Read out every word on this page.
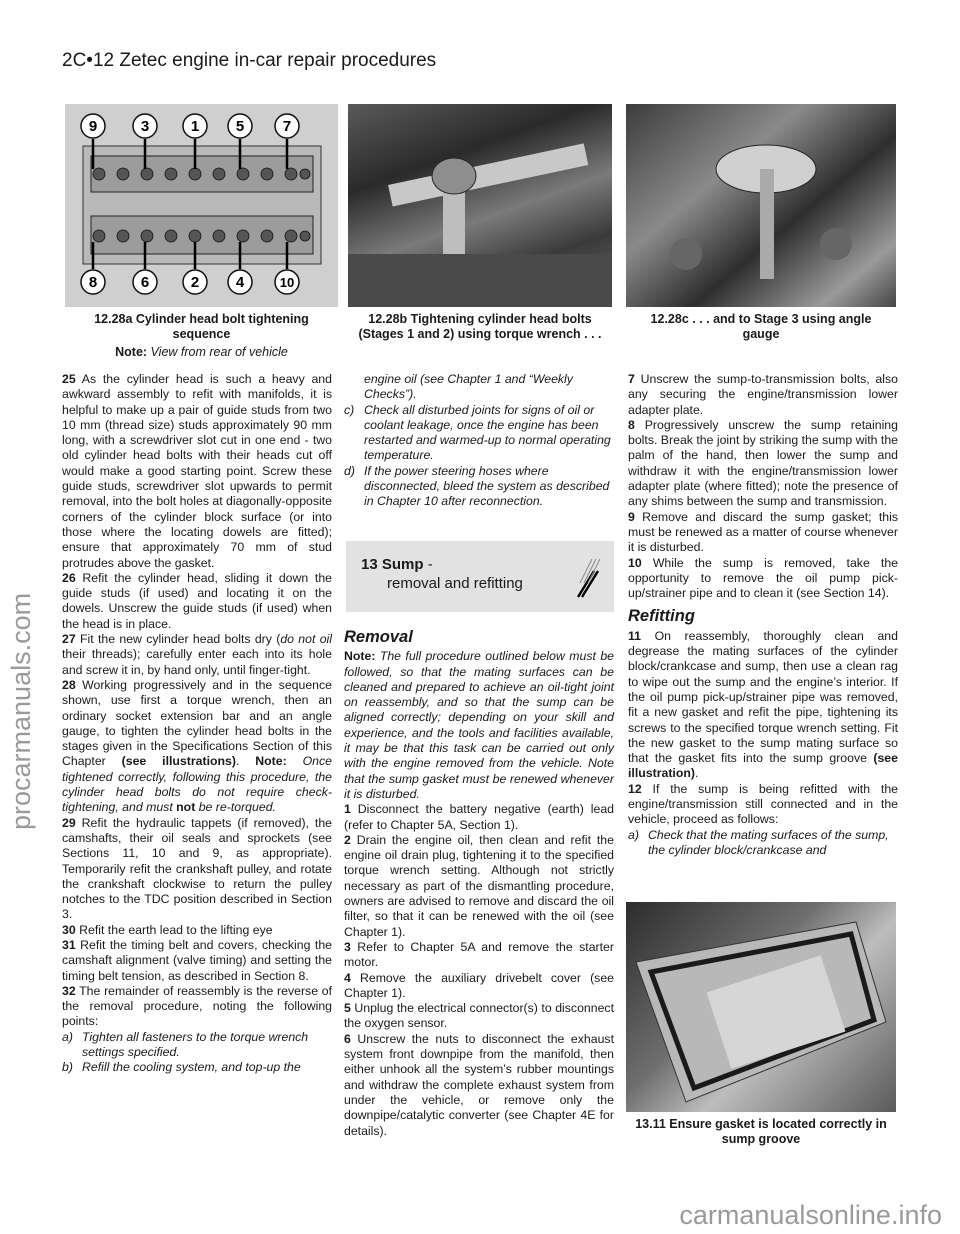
2C•12 Zetec engine in-car repair procedures
9	3	1 5	7
8	6	2 4	10
12.28a Cylinder head bolt tightening
sequence
Note: View from rear of vehicle
12.28b Tightening cylinder head bolts
(Stages 1 and 2) using torque wrench . . .
12.28c . . . and to Stage 3 using angle
gauge

25 As the cylinder head is such a heavy and awkward assembly to refit with manifolds, it is helpful to make up a pair of guide studs from two 10 mm (thread size) studs approximately 90 mm long, with a screwdriver slot cut in one end - two old cylinder head bolts with their heads cut off would make a good starting point. Screw these guide studs, screwdriver slot upwards to permit removal, into the bolt holes at diagonally-opposite corners of the cylinder block surface (or into those where the locating dowels are fitted); ensure that approximately 70 mm of stud protrudes above the gasket.

26 Refit the cylinder head, sliding it down the guide studs (if used) and locating it on the dowels. Unscrew the guide studs (if used) when the head is in place.

27 Fit the new cylinder head bolts dry (do not oil their threads); carefully enter each into its hole and screw it in, by hand only, until finger-tight.

28 Working progressively and in the sequence shown, use first a torque wrench, then an ordinary socket extension bar and an angle gauge, to tighten the cylinder head bolts in the stages given in the Specifications Section of this Chapter (see illustrations). Note: Once tightened correctly, following this procedure, the cylinder head bolts do not require check-tightening, and must not be re-torqued.

29 Refit the hydraulic tappets (if removed), the camshafts, their oil seals and sprockets (see Sections 11, 10 and 9, as appropriate). Temporarily refit the crankshaft pulley, and rotate the crankshaft clockwise to return the pulley notches to the TDC position described in Section 3.

30 Refit the earth lead to the lifting eye

31 Refit the timing belt and covers, checking the camshaft alignment (valve timing) and setting the timing belt tension, as described in Section 8.

32 The remainder of reassembly is the reverse of the removal procedure, noting the following points:

a) Tighten all fasteners to the torque wrench settings specified.

b) Refill the cooling system, and top-up the

engine oil (see Chapter 1 and “Weekly Checks”).

c) Check all disturbed joints for signs of oil or coolant leakage, once the engine has been restarted and warmed-up to normal operating temperature.

d) If the power steering hoses where disconnected, bleed the system as described in Chapter 10 after reconnection.

13 Sump -
removal and refitting
Removal

Note: The full procedure outlined below must be followed, so that the mating surfaces can be cleaned and prepared to achieve an oil-tight joint on reassembly, and so that the sump can be aligned correctly; depending on your skill and experience, and the tools and facilities available, it may be that this task can be carried out only with the engine removed from the vehicle. Note that the sump gasket must be renewed whenever it is disturbed.

1 Disconnect the battery negative (earth) lead (refer to Chapter 5A, Section 1).

2 Drain the engine oil, then clean and refit the engine oil drain plug, tightening it to the specified torque wrench setting. Although not strictly necessary as part of the dismantling procedure, owners are advised to remove and discard the oil filter, so that it can be renewed with the oil (see Chapter 1).

3 Refer to Chapter 5A and remove the starter motor.

4 Remove the auxiliary drivebelt cover (see Chapter 1).

5 Unplug the electrical connector(s) to disconnect the oxygen sensor.

6 Unscrew the nuts to disconnect the exhaust system front downpipe from the manifold, then either unhook all the system’s rubber mountings and withdraw the complete exhaust system from under the vehicle, or remove only the downpipe/catalytic converter (see Chapter 4E for details).

7 Unscrew the sump-to-transmission bolts, also any securing the engine/transmission lower adapter plate.

8 Progressively unscrew the sump retaining bolts. Break the joint by striking the sump with the palm of the hand, then lower the sump and withdraw it with the engine/transmission lower adapter plate (where fitted); note the presence of any shims between the sump and transmission.

9 Remove and discard the sump gasket; this must be renewed as a matter of course whenever it is disturbed.

10 While the sump is removed, take the opportunity to remove the oil pump pick-up/strainer pipe and to clean it (see Section 14).

Refitting

11 On reassembly, thoroughly clean and degrease the mating surfaces of the cylinder block/crankcase and sump, then use a clean rag to wipe out the sump and the engine’s interior. If the oil pump pick-up/strainer pipe was removed, fit a new gasket and refit the pipe, tightening its screws to the specified torque wrench setting. Fit the new gasket to the sump mating surface so that the gasket fits into the sump groove (see illustration).

12 If the sump is being refitted with the engine/transmission still connected and in the vehicle, proceed as follows:

a) Check that the mating surfaces of the sump, the cylinder block/crankcase and

13.11 Ensure gasket is located correctly in
sump groove
procarmanuals.com
carmanualsonline.info
